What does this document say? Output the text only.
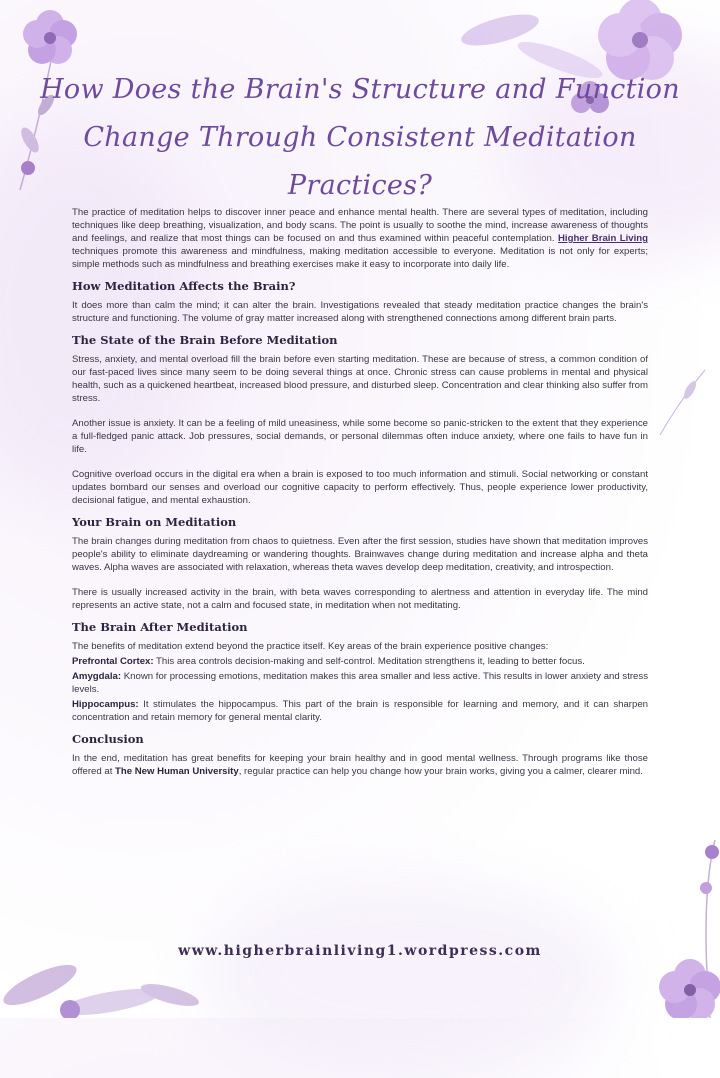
How Does the Brain's Structure and Function Change Through Consistent Meditation Practices?

The practice of meditation helps to discover inner peace and enhance mental health. There are several types of meditation, including techniques like deep breathing, visualization, and body scans. The point is usually to soothe the mind, increase awareness of thoughts and feelings, and realize that most things can be focused on and thus examined within peaceful contemplation. Higher Brain Living techniques promote this awareness and mindfulness, making meditation accessible to everyone. Meditation is not only for experts; simple methods such as mindfulness and breathing exercises make it easy to incorporate into daily life.

How Meditation Affects the Brain?

It does more than calm the mind; it can alter the brain. Investigations revealed that steady meditation practice changes the brain's structure and functioning. The volume of gray matter increased along with strengthened connections among different brain parts.

The State of the Brain Before Meditation

Stress, anxiety, and mental overload fill the brain before even starting meditation. These are because of stress, a common condition of our fast-paced lives since many seem to be doing several things at once. Chronic stress can cause problems in mental and physical health, such as a quickened heartbeat, increased blood pressure, and disturbed sleep. Concentration and clear thinking also suffer from stress.

Another issue is anxiety. It can be a feeling of mild uneasiness, while some become so panic-stricken to the extent that they experience a full-fledged panic attack. Job pressures, social demands, or personal dilemmas often induce anxiety, where one fails to have fun in life.

Cognitive overload occurs in the digital era when a brain is exposed to too much information and stimuli. Social networking or constant updates bombard our senses and overload our cognitive capacity to perform effectively. Thus, people experience lower productivity, decisional fatigue, and mental exhaustion.

Your Brain on Meditation

The brain changes during meditation from chaos to quietness. Even after the first session, studies have shown that meditation improves people's ability to eliminate daydreaming or wandering thoughts. Brainwaves change during meditation and increase alpha and theta waves. Alpha waves are associated with relaxation, whereas theta waves develop deep meditation, creativity, and introspection.

There is usually increased activity in the brain, with beta waves corresponding to alertness and attention in everyday life. The mind represents an active state, not a calm and focused state, in meditation when not meditating.

The Brain After Meditation

The benefits of meditation extend beyond the practice itself. Key areas of the brain experience positive changes:

Prefrontal Cortex: This area controls decision-making and self-control. Meditation strengthens it, leading to better focus.

Amygdala: Known for processing emotions, meditation makes this area smaller and less active. This results in lower anxiety and stress levels.

Hippocampus: It stimulates the hippocampus. This part of the brain is responsible for learning and memory, and it can sharpen concentration and retain memory for general mental clarity.

Conclusion

In the end, meditation has great benefits for keeping your brain healthy and in good mental wellness. Through programs like those offered at The New Human University, regular practice can help you change how your brain works, giving you a calmer, clearer mind.

www.higherbrainliving1.wordpress.com
